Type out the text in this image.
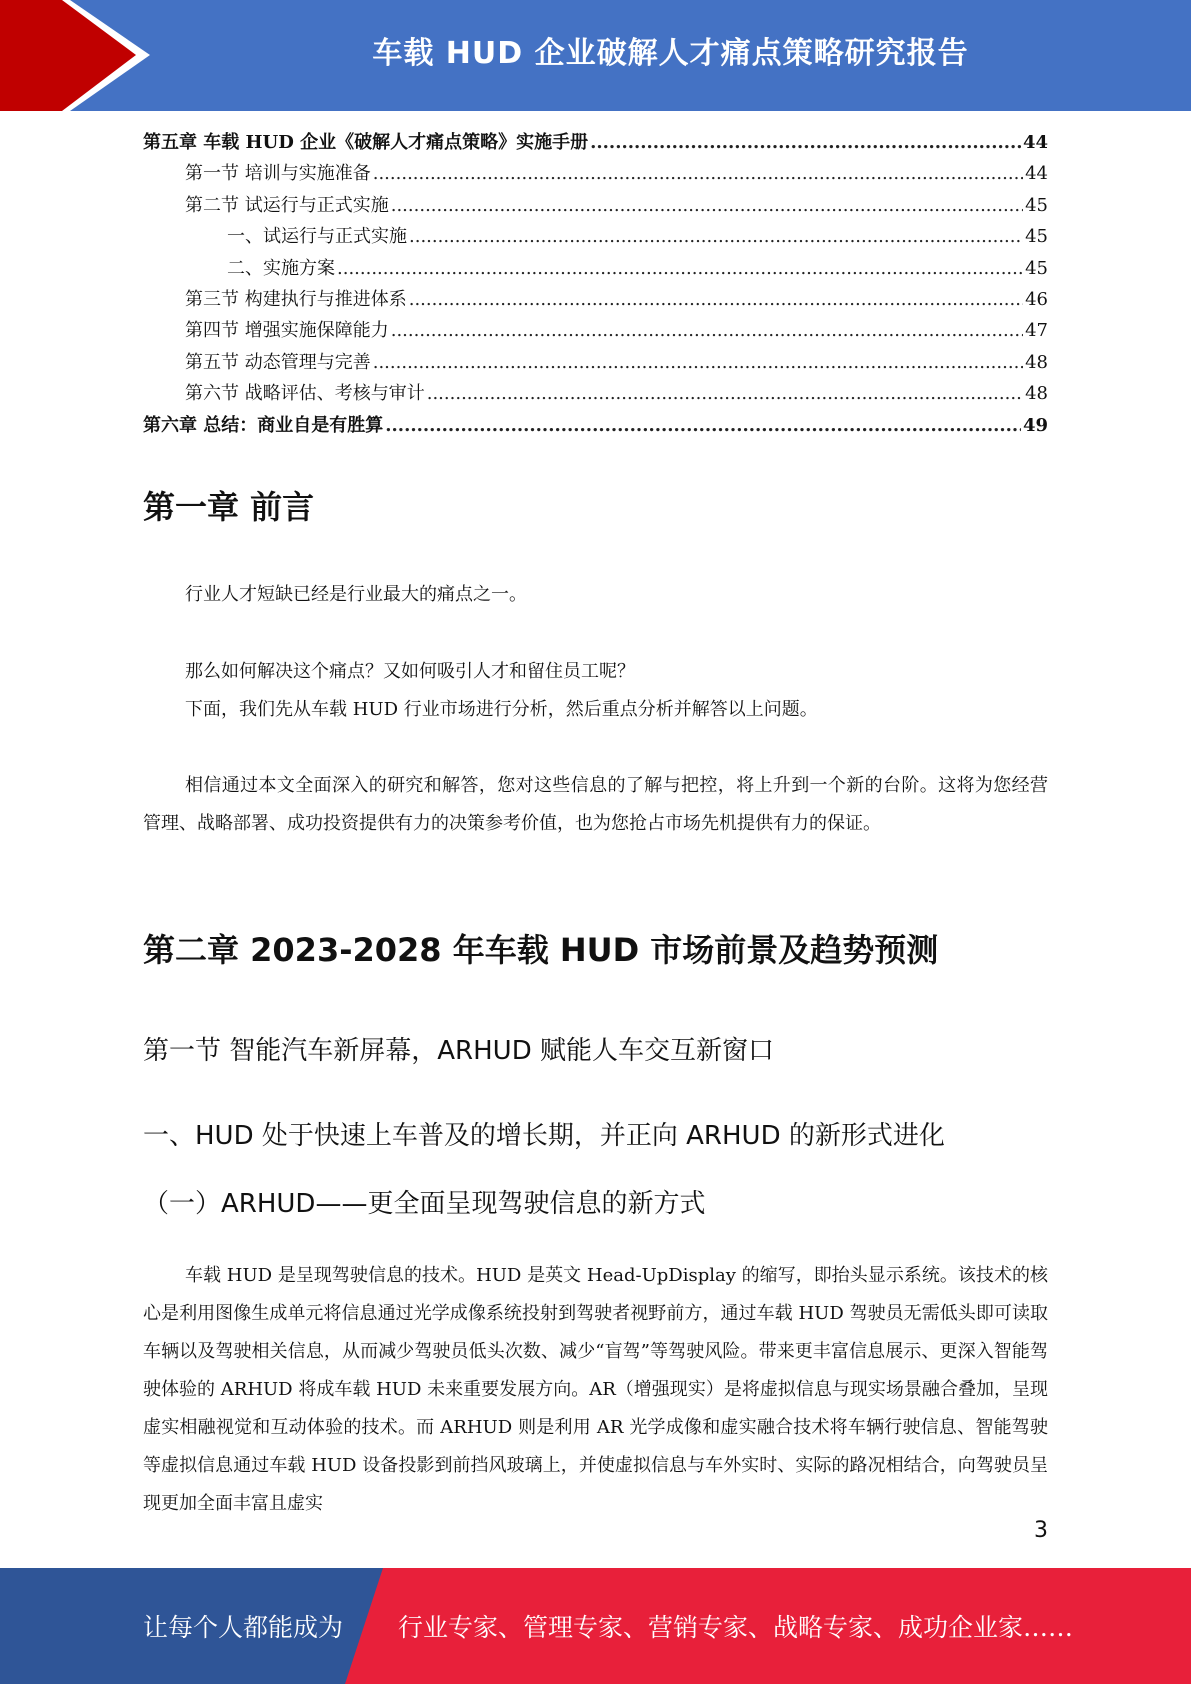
车载 HUD 企业破解人才痛点策略研究报告
第五章 车载 HUD 企业《破解人才痛点策略》实施手册 .....	44
第一节 培训与实施准备 .....	44
第二节 试运行与正式实施 .....	45
一、试运行与正式实施 .....	45
二、实施方案 .....	45
第三节 构建执行与推进体系 .....	46
第四节 增强实施保障能力 .....	47
第五节 动态管理与完善 .....	48
第六节 战略评估、考核与审计 .....	48
第六章 总结：商业自是有胜算 .....	49
第一章 前言
行业人才短缺已经是行业最大的痛点之一。
那么如何解决这个痛点？又如何吸引人才和留住员工呢？
下面，我们先从车载 HUD 行业市场进行分析，然后重点分析并解答以上问题。
相信通过本文全面深入的研究和解答，您对这些信息的了解与把控，将上升到一个新的台阶。这将为您经营管理、战略部署、成功投资提供有力的决策参考价值，也为您抢占市场先机提供有力的保证。
第二章 2023-2028 年车载 HUD 市场前景及趋势预测
第一节 智能汽车新屏幕，ARHUD 赋能人车交互新窗口
一、HUD 处于快速上车普及的增长期，并正向 ARHUD 的新形式进化
（一）ARHUD——更全面呈现驾驶信息的新方式
车载 HUD 是呈现驾驶信息的技术。HUD 是英文 Head-UpDisplay 的缩写，即抬头显示系统。该技术的核心是利用图像生成单元将信息通过光学成像系统投射到驾驶者视野前方，通过车载 HUD 驾驶员无需低头即可读取车辆以及驾驶相关信息，从而减少驾驶员低头次数、减少“盲驾”等驾驶风险。带来更丰富信息展示、更深入智能驾驶体验的 ARHUD 将成车载 HUD 未来重要发展方向。AR（增强现实）是将虚拟信息与现实场景融合叠加，呈现虚实相融视觉和互动体验的技术。而 ARHUD 则是利用 AR 光学成像和虚实融合技术将车辆行驶信息、智能驾驶等虚拟信息通过车载 HUD 设备投影到前挡风玻璃上，并使虚拟信息与车外实时、实际的路况相结合，向驾驶员呈现更加全面丰富且虚实
3
让每个人都能成为 行业专家、管理专家、营销专家、战略专家、成功企业家……
